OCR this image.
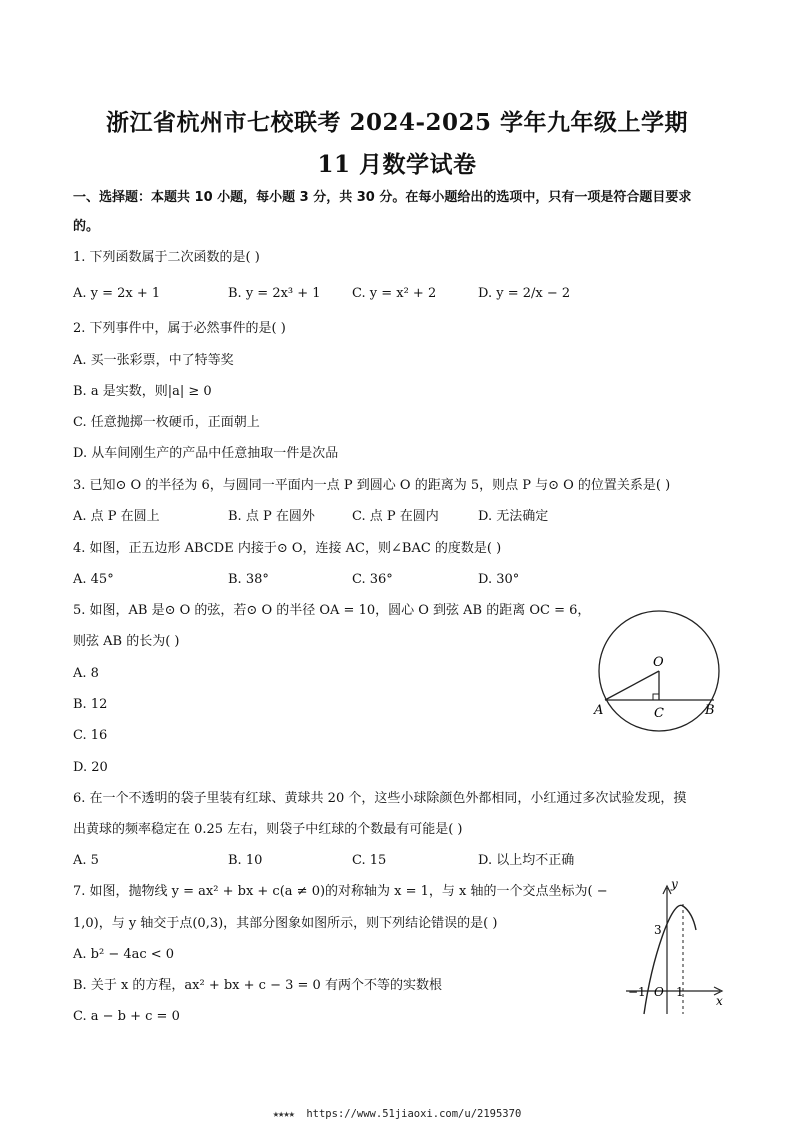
浙江省杭州市七校联考 2024-2025 学年九年级上学期
11 月数学试卷
一、选择题：本题共 10 小题，每小题 3 分，共 30 分。在每小题给出的选项中，只有一项是符合题目要求
的。
1. 下列函数属于二次函数的是( )
A. y = 2x + 1	B. y = 2x³ + 1 C. y = x² + 2	D. y = 2/x − 2
2. 下列事件中，属于必然事件的是( )
A. 买一张彩票，中了特等奖
B. a 是实数，则|a| ≥ 0
C. 任意抛掷一枚硬币，正面朝上
D. 从车间刚生产的产品中任意抽取一件是次品
3. 已知⊙ O 的半径为 6，与圆同一平面内一点 P 到圆心 O 的距离为 5，则点 P 与⊙ O 的位置关系是( )
A. 点 P 在圆上	B. 点 P 在圆外	C. 点 P 在圆内	D. 无法确定
4. 如图，正五边形 ABCDE 内接于⊙ O，连接 AC，则∠BAC 的度数是( )
A. 45°	B. 38°	C. 36°	D. 30°
5. 如图，AB 是⊙ O 的弦，若⊙ O 的半径 OA = 10，圆心 O 到弦 AB 的距离 OC = 6，
则弦 AB 的长为( )
A. 8
B. 12
C. 16
D. 20
O
A	C	B
6. 在一个不透明的袋子里装有红球、黄球共 20 个，这些小球除颜色外都相同，小红通过多次试验发现，摸
出黄球的频率稳定在 0.25 左右，则袋子中红球的个数最有可能是( )
A. 5	B. 10	C. 15	D. 以上均不正确
7. 如图，抛物线 y = ax² + bx + c(a ≠ 0)的对称轴为 x = 1，与 x 轴的一个交点坐标为( −
1,0)，与 y 轴交于点(0,3)，其部分图象如图所示，则下列结论错误的是( )
A. b² − 4ac < 0
B. 关于 x 的方程，ax² + bx + c − 3 = 0 有两个不等的实数根
C. a − b + c = 0
y
x
3
−1 O 1
★★★★ https://www.51jiaoxi.com/u/2195370
